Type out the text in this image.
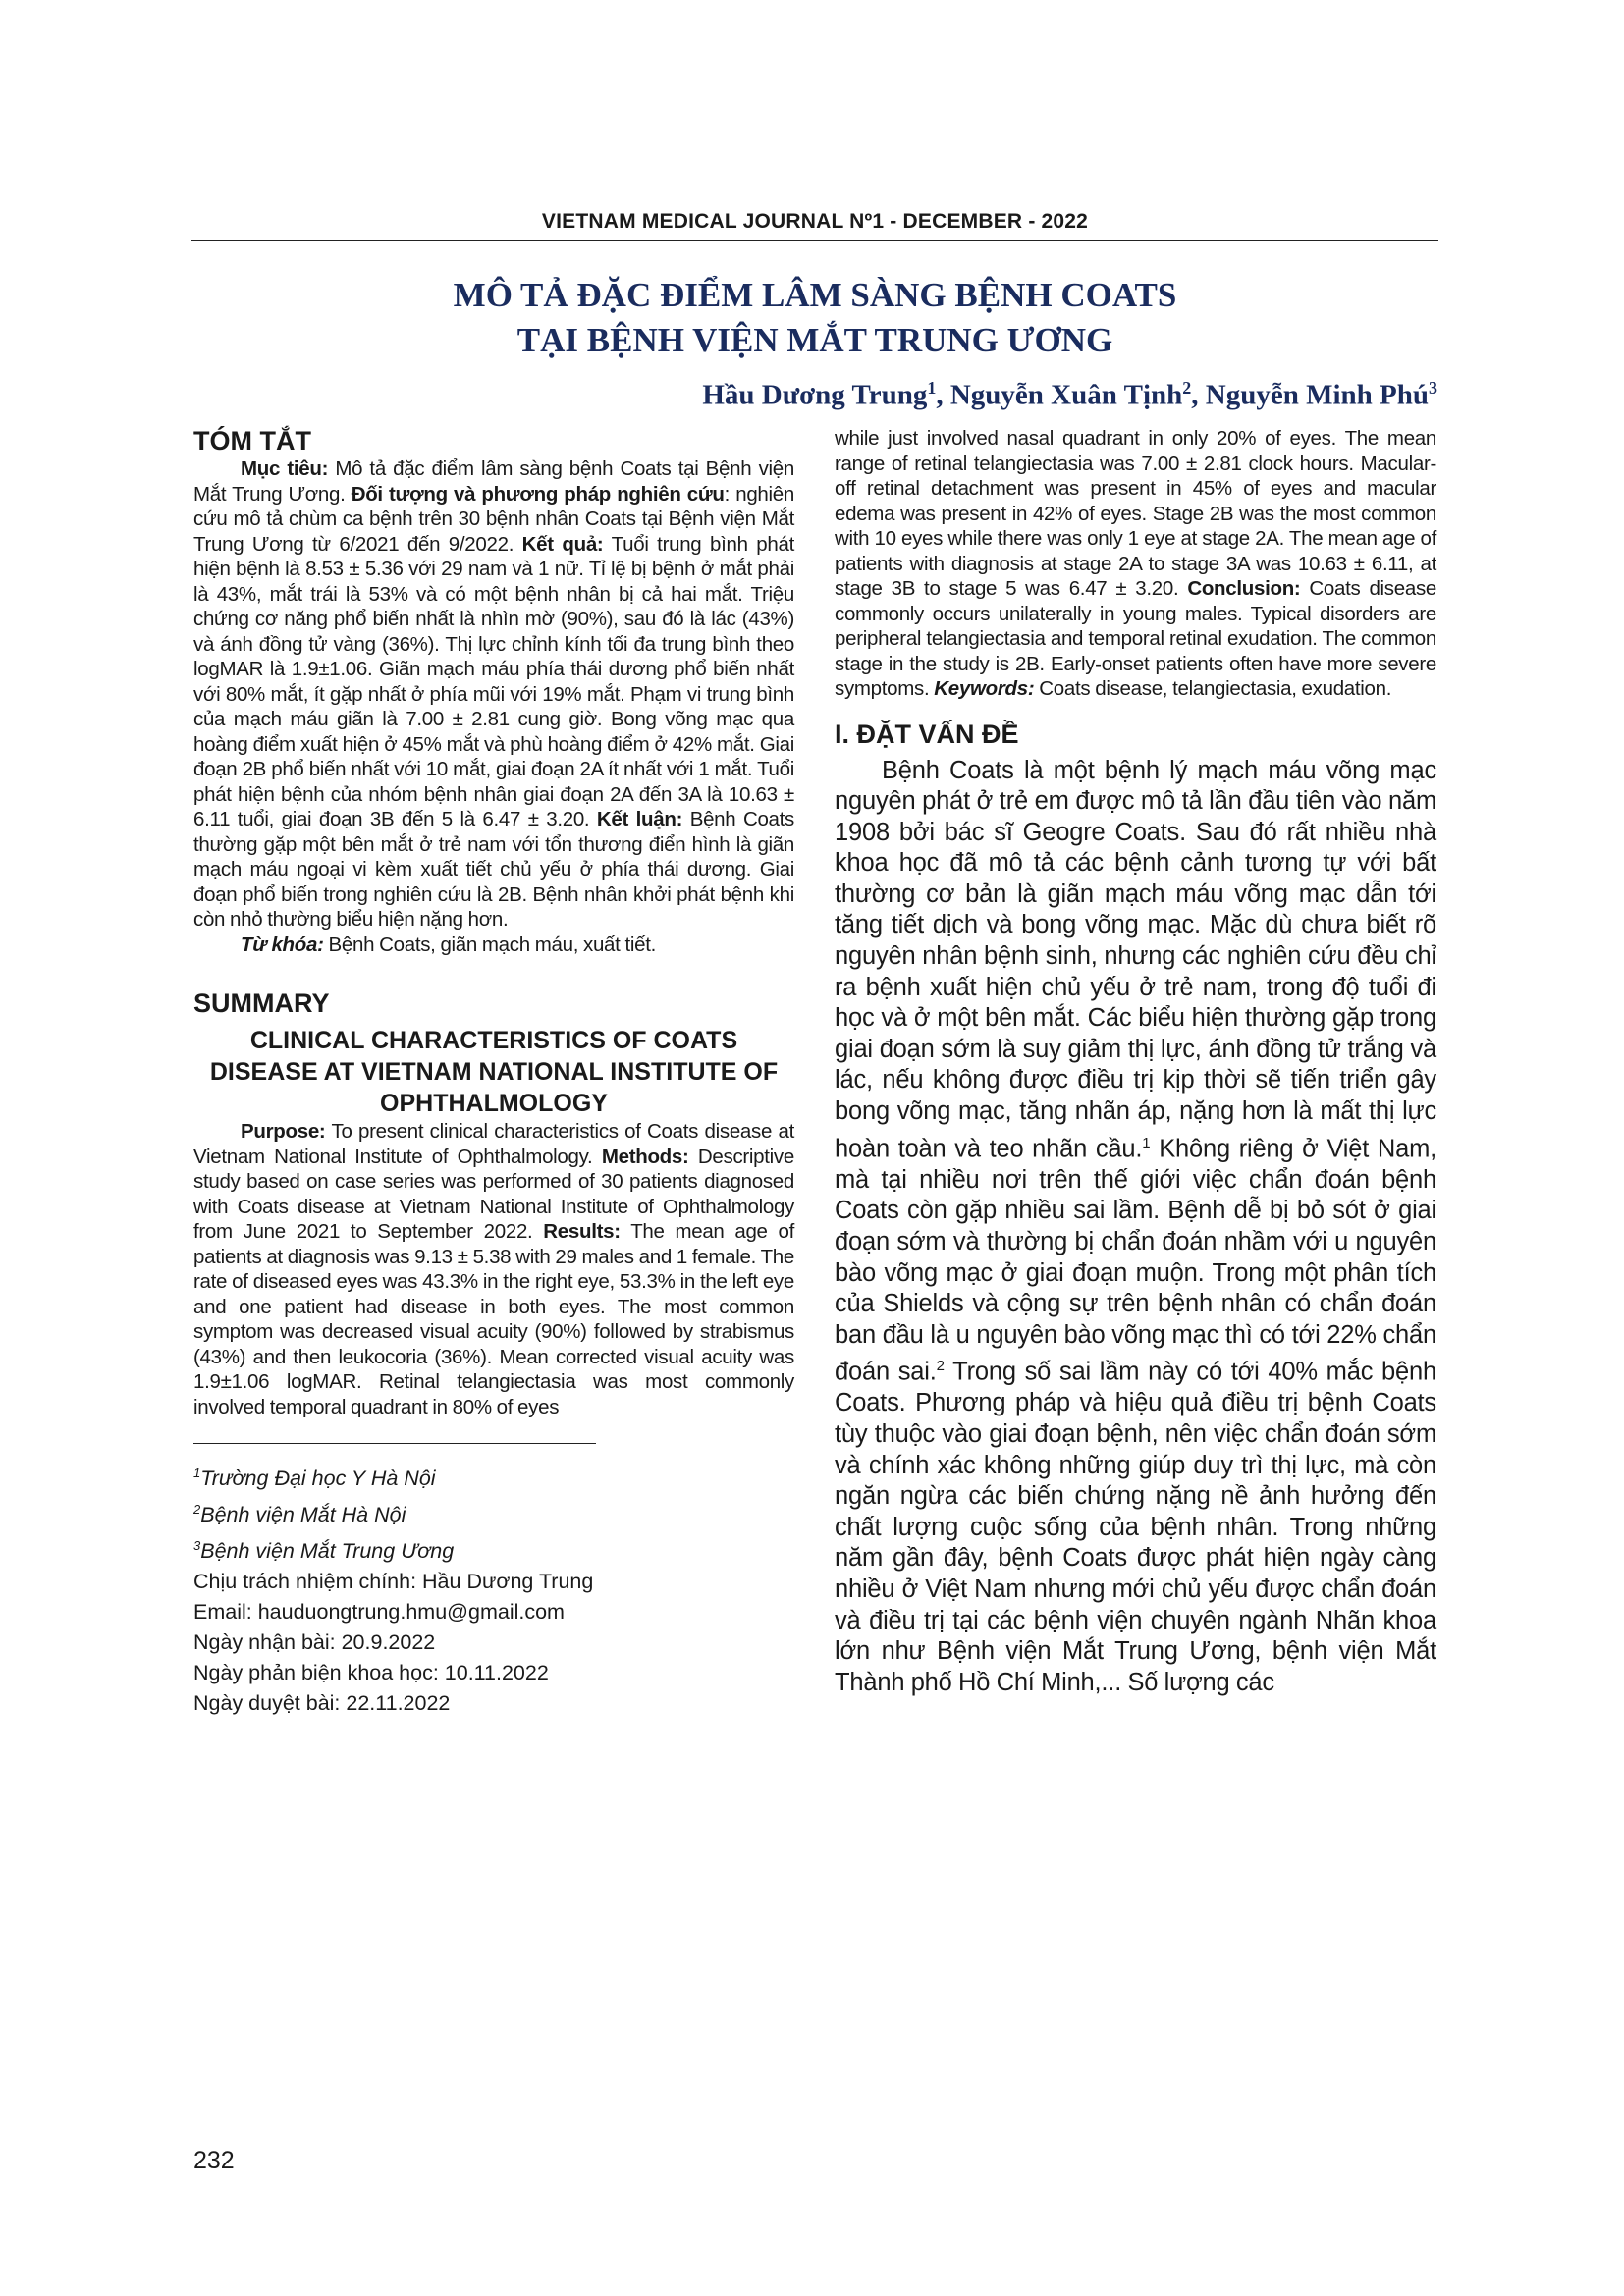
VIETNAM MEDICAL JOURNAL Nº1 - DECEMBER - 2022
MÔ TẢ ĐẶC ĐIỂM LÂM SÀNG BỆNH COATS
TẠI BỆNH VIỆN MẮT TRUNG ƯƠNG
Hầu Dương Trung$^1$, Nguyễn Xuân Tịnh$^2$, Nguyễn Minh Phú$^3$
TÓM TẮT

Mục tiêu: Mô tả đặc điểm lâm sàng bệnh Coats tại Bệnh viện Mắt Trung Ương. Đối tượng và phương pháp nghiên cứu: nghiên cứu mô tả chùm ca bệnh trên 30 bệnh nhân Coats tại Bệnh viện Mắt Trung Ương từ 6/2021 đến 9/2022. Kết quả: Tuổi trung bình phát hiện bệnh là 8.53 ± 5.36 với 29 nam và 1 nữ. Tỉ lệ bị bệnh ở mắt phải là 43%, mắt trái là 53% và có một bệnh nhân bị cả hai mắt. Triệu chứng cơ năng phổ biến nhất là nhìn mờ (90%), sau đó là lác (43%) và ánh đồng tử vàng (36%). Thị lực chỉnh kính tối đa trung bình theo logMAR là 1.9±1.06. Giãn mạch máu phía thái dương phổ biến nhất với 80% mắt, ít gặp nhất ở phía mũi với 19% mắt. Phạm vi trung bình của mạch máu giãn là 7.00 ± 2.81 cung giờ. Bong võng mạc qua hoàng điểm xuất hiện ở 45% mắt và phù hoàng điểm ở 42% mắt. Giai đoạn 2B phổ biến nhất với 10 mắt, giai đoạn 2A ít nhất với 1 mắt. Tuổi phát hiện bệnh của nhóm bệnh nhân giai đoạn 2A đến 3A là 10.63 ± 6.11 tuổi, giai đoạn 3B đến 5 là 6.47 ± 3.20. Kết luận: Bệnh Coats thường gặp một bên mắt ở trẻ nam với tổn thương điển hình là giãn mạch máu ngoại vi kèm xuất tiết chủ yếu ở phía thái dương. Giai đoạn phổ biến trong nghiên cứu là 2B. Bệnh nhân khởi phát bệnh khi còn nhỏ thường biểu hiện nặng hơn.

Từ khóa: Bệnh Coats, giãn mạch máu, xuất tiết.

SUMMARY
CLINICAL CHARACTERISTICS OF COATS DISEASE AT VIETNAM NATIONAL INSTITUTE OF OPHTHALMOLOGY

Purpose: To present clinical characteristics of Coats disease at Vietnam National Institute of Ophthalmology. Methods: Descriptive study based on case series was performed of 30 patients diagnosed with Coats disease at Vietnam National Institute of Ophthalmology from June 2021 to September 2022. Results: The mean age of patients at diagnosis was 9.13 ± 5.38 with 29 males and 1 female. The rate of diseased eyes was 43.3% in the right eye, 53.3% in the left eye and one patient had disease in both eyes. The most common symptom was decreased visual acuity (90%) followed by strabismus (43%) and then leukocoria (36%). Mean corrected visual acuity was 1.9±1.06 logMAR. Retinal telangiectasia was most commonly involved temporal quadrant in 80% of eyes

$^1$Trường Đại học Y Hà Nội
$^2$Bệnh viện Mắt Hà Nội
$^3$Bệnh viện Mắt Trung Ương
Chịu trách nhiệm chính: Hầu Dương Trung
Email: hauduongtrung.hmu@gmail.com
Ngày nhận bài: 20.9.2022
Ngày phản biện khoa học: 10.11.2022
Ngày duyệt bài: 22.11.2022
232

while just involved nasal quadrant in only 20% of eyes. The mean range of retinal telangiectasia was 7.00 ± 2.81 clock hours. Macular-off retinal detachment was present in 45% of eyes and macular edema was present in 42% of eyes. Stage 2B was the most common with 10 eyes while there was only 1 eye at stage 2A. The mean age of patients with diagnosis at stage 2A to stage 3A was 10.63 ± 6.11, at stage 3B to stage 5 was 6.47 ± 3.20. Conclusion: Coats disease commonly occurs unilaterally in young males. Typical disorders are peripheral telangiectasia and temporal retinal exudation. The common stage in the study is 2B. Early-onset patients often have more severe symptoms. Keywords: Coats disease, telangiectasia, exudation.

I. ĐẶT VẤN ĐỀ

Bệnh Coats là một bệnh lý mạch máu võng mạc nguyên phát ở trẻ em được mô tả lần đầu tiên vào năm 1908 bởi bác sĩ Geogre Coats. Sau đó rất nhiều nhà khoa học đã mô tả các bệnh cảnh tương tự với bất thường cơ bản là giãn mạch máu võng mạc dẫn tới tăng tiết dịch và bong võng mạc. Mặc dù chưa biết rõ nguyên nhân bệnh sinh, nhưng các nghiên cứu đều chỉ ra bệnh xuất hiện chủ yếu ở trẻ nam, trong độ tuổi đi học và ở một bên mắt. Các biểu hiện thường gặp trong giai đoạn sớm là suy giảm thị lực, ánh đồng tử trắng và lác, nếu không được điều trị kịp thời sẽ tiến triển gây bong võng mạc, tăng nhãn áp, nặng hơn là mất thị lực hoàn toàn và teo nhãn cầu.$^1$ Không riêng ở Việt Nam, mà tại nhiều nơi trên thế giới việc chẩn đoán bệnh Coats còn gặp nhiều sai lầm. Bệnh dễ bị bỏ sót ở giai đoạn sớm và thường bị chẩn đoán nhầm với u nguyên bào võng mạc ở giai đoạn muộn. Trong một phân tích của Shields và cộng sự trên bệnh nhân có chẩn đoán ban đầu là u nguyên bào võng mạc thì có tới 22% chẩn đoán sai.$^2$ Trong số sai lầm này có tới 40% mắc bệnh Coats. Phương pháp và hiệu quả điều trị bệnh Coats tùy thuộc vào giai đoạn bệnh, nên việc chẩn đoán sớm và chính xác không những giúp duy trì thị lực, mà còn ngăn ngừa các biến chứng nặng nề ảnh hưởng đến chất lượng cuộc sống của bệnh nhân. Trong những năm gần đây, bệnh Coats được phát hiện ngày càng nhiều ở Việt Nam nhưng mới chủ yếu được chẩn đoán và điều trị tại các bệnh viện chuyên ngành Nhãn khoa lớn như Bệnh viện Mắt Trung Ương, bệnh viện Mắt Thành phố Hồ Chí Minh,... Số lượng các
